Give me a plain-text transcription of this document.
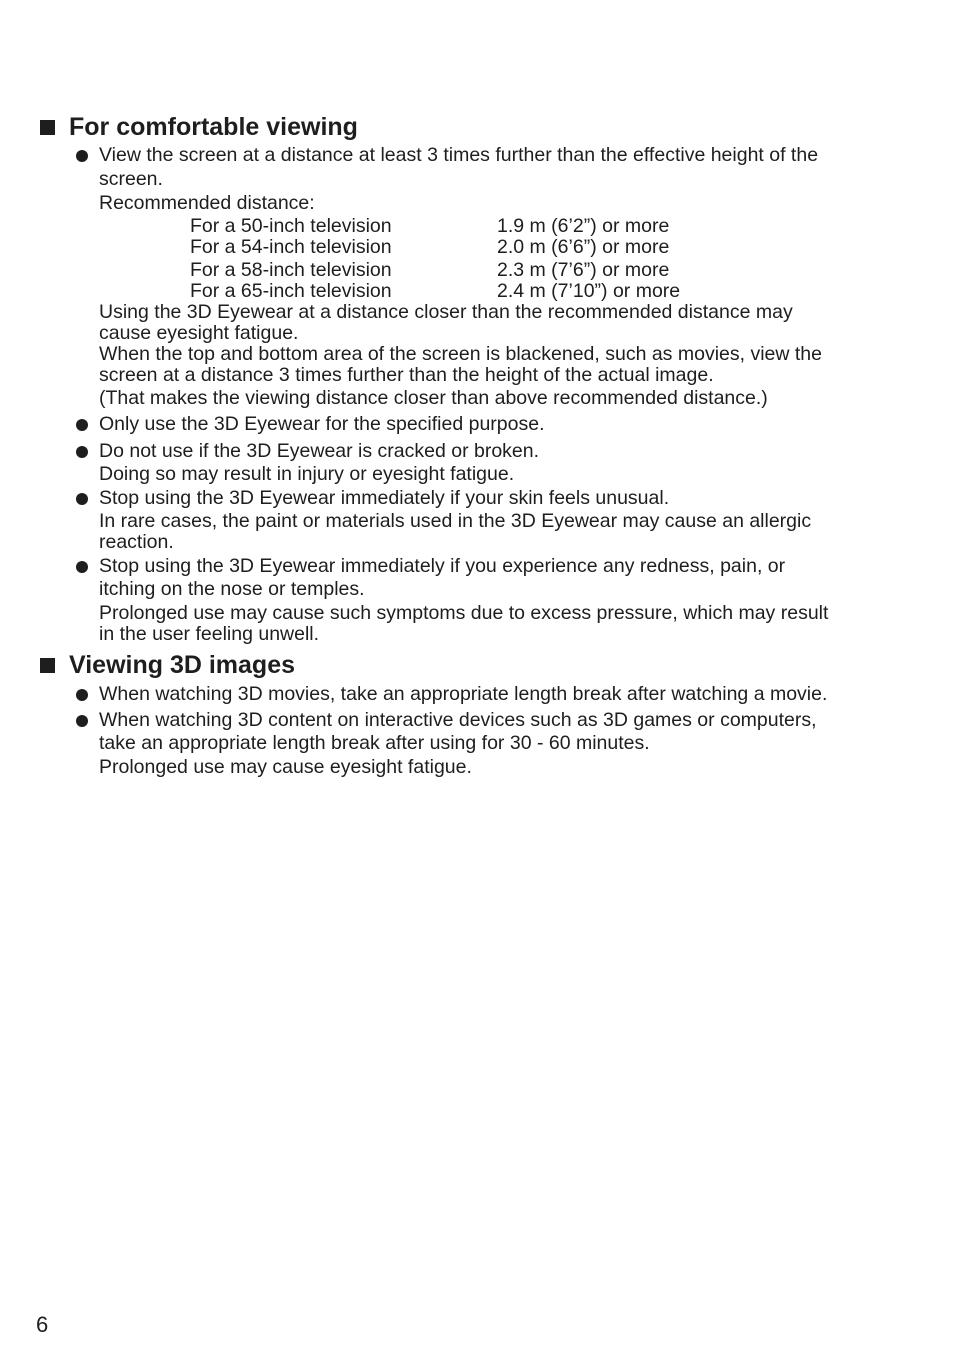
For comfortable viewing
View the screen at a distance at least 3 times further than the effective height of the
screen.
Recommended distance:
For a 50-inch television	1.9 m (6’2”) or more
For a 54-inch television	2.0 m (6’6”) or more
For a 58-inch television	2.3 m (7’6”) or more
For a 65-inch television	2.4 m (7’10”) or more
Using the 3D Eyewear at a distance closer than the recommended distance may
cause eyesight fatigue.
When the top and bottom area of the screen is blackened, such as movies, view the
screen at a distance 3 times further than the height of the actual image.
(That makes the viewing distance closer than above recommended distance.)
Only use the 3D Eyewear for the specified purpose.
Do not use if the 3D Eyewear is cracked or broken.
Doing so may result in injury or eyesight fatigue.
Stop using the 3D Eyewear immediately if your skin feels unusual.
In rare cases, the paint or materials used in the 3D Eyewear may cause an allergic
reaction.
Stop using the 3D Eyewear immediately if you experience any redness, pain, or
itching on the nose or temples.
Prolonged use may cause such symptoms due to excess pressure, which may result
in the user feeling unwell.
Viewing 3D images
When watching 3D movies, take an appropriate length break after watching a movie.
When watching 3D content on interactive devices such as 3D games or computers,
take an appropriate length break after using for 30 - 60 minutes.
Prolonged use may cause eyesight fatigue.
6
